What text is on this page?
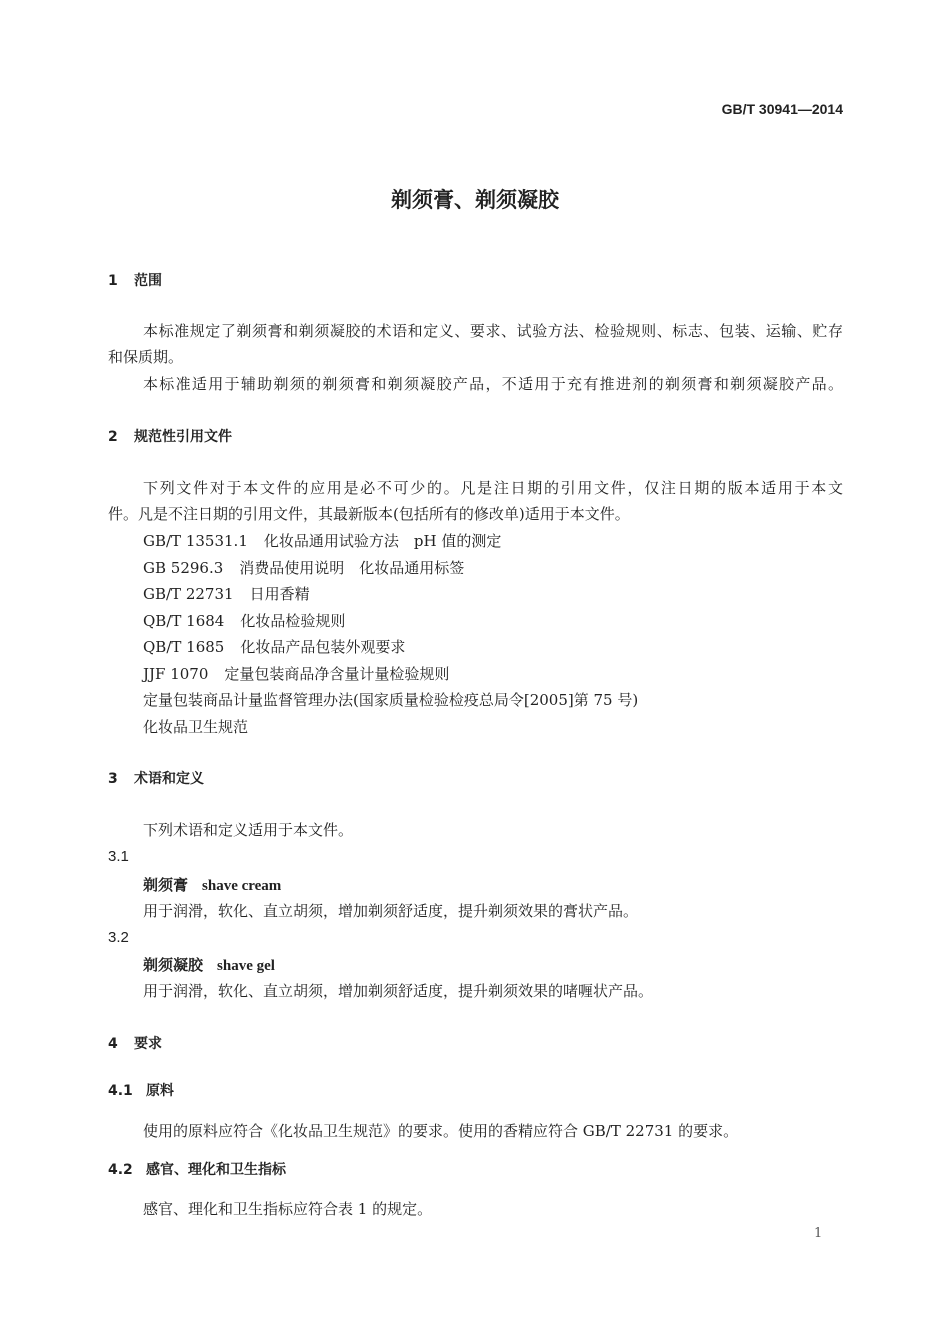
GB/T 30941—2014
剃须膏、剃须凝胶
1 范围
本标准规定了剃须膏和剃须凝胶的术语和定义、要求、试验方法、检验规则、标志、包装、运输、贮存
和保质期。
本标准适用于辅助剃须的剃须膏和剃须凝胶产品，不适用于充有推进剂的剃须膏和剃须凝胶产品。
2 规范性引用文件
下列文件对于本文件的应用是必不可少的。凡是注日期的引用文件，仅注日期的版本适用于本文
件。凡是不注日期的引用文件，其最新版本(包括所有的修改单)适用于本文件。
GB/T 13531.1 化妆品通用试验方法　pH 值的测定
GB 5296.3 消费品使用说明　化妆品通用标签
GB/T 22731 日用香精
QB/T 1684 化妆品检验规则
QB/T 1685 化妆品产品包装外观要求
JJF 1070 定量包装商品净含量计量检验规则
定量包装商品计量监督管理办法(国家质量检验检疫总局令[2005]第 75 号)
化妆品卫生规范
3 术语和定义
下列术语和定义适用于本文件。
3.1
剃须膏 shave cream
用于润滑，软化、直立胡须，增加剃须舒适度，提升剃须效果的膏状产品。
3.2
剃须凝胶 shave gel
用于润滑，软化、直立胡须，增加剃须舒适度，提升剃须效果的啫喱状产品。
4 要求
4.1 原料
使用的原料应符合《化妆品卫生规范》的要求。使用的香精应符合 GB/T 22731 的要求。
4.2 感官、理化和卫生指标
感官、理化和卫生指标应符合表 1 的规定。
1
